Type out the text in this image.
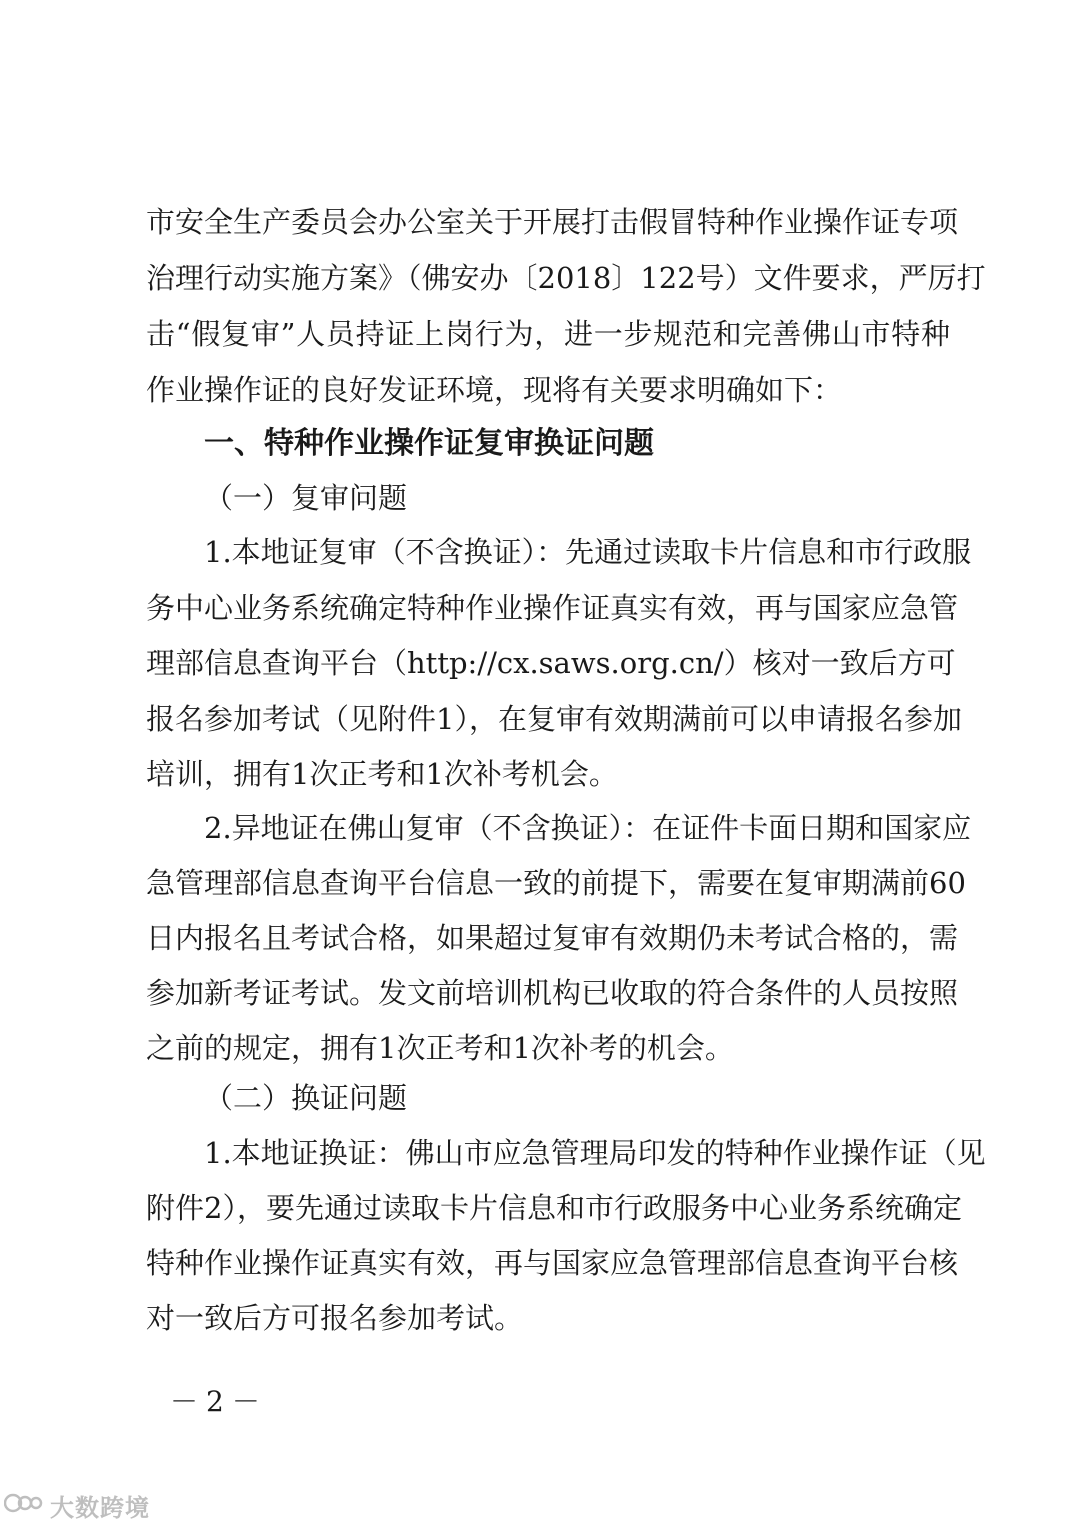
市安全生产委员会办公室关于开展打击假冒特种作业操作证专项
治理行动实施方案》（佛安办〔2018〕122号）文件要求，严厉打
击“假复审”人员持证上岗行为，进一步规范和完善佛山市特种
作业操作证的良好发证环境，现将有关要求明确如下：
一、特种作业操作证复审换证问题
（一）复审问题
1.本地证复审（不含换证）：先通过读取卡片信息和市行政服
务中心业务系统确定特种作业操作证真实有效，再与国家应急管
理部信息查询平台（http://cx.saws.org.cn/）核对一致后方可
报名参加考试（见附件1），在复审有效期满前可以申请报名参加
培训，拥有1次正考和1次补考机会。
2.异地证在佛山复审（不含换证）：在证件卡面日期和国家应
急管理部信息查询平台信息一致的前提下，需要在复审期满前60
日内报名且考试合格，如果超过复审有效期仍未考试合格的，需
参加新考证考试。发文前培训机构已收取的符合条件的人员按照
之前的规定，拥有1次正考和1次补考的机会。
（二）换证问题
1.本地证换证：佛山市应急管理局印发的特种作业操作证（见
附件2），要先通过读取卡片信息和市行政服务中心业务系统确定
特种作业操作证真实有效，再与国家应急管理部信息查询平台核
对一致后方可报名参加考试。
－2－
大数跨境
